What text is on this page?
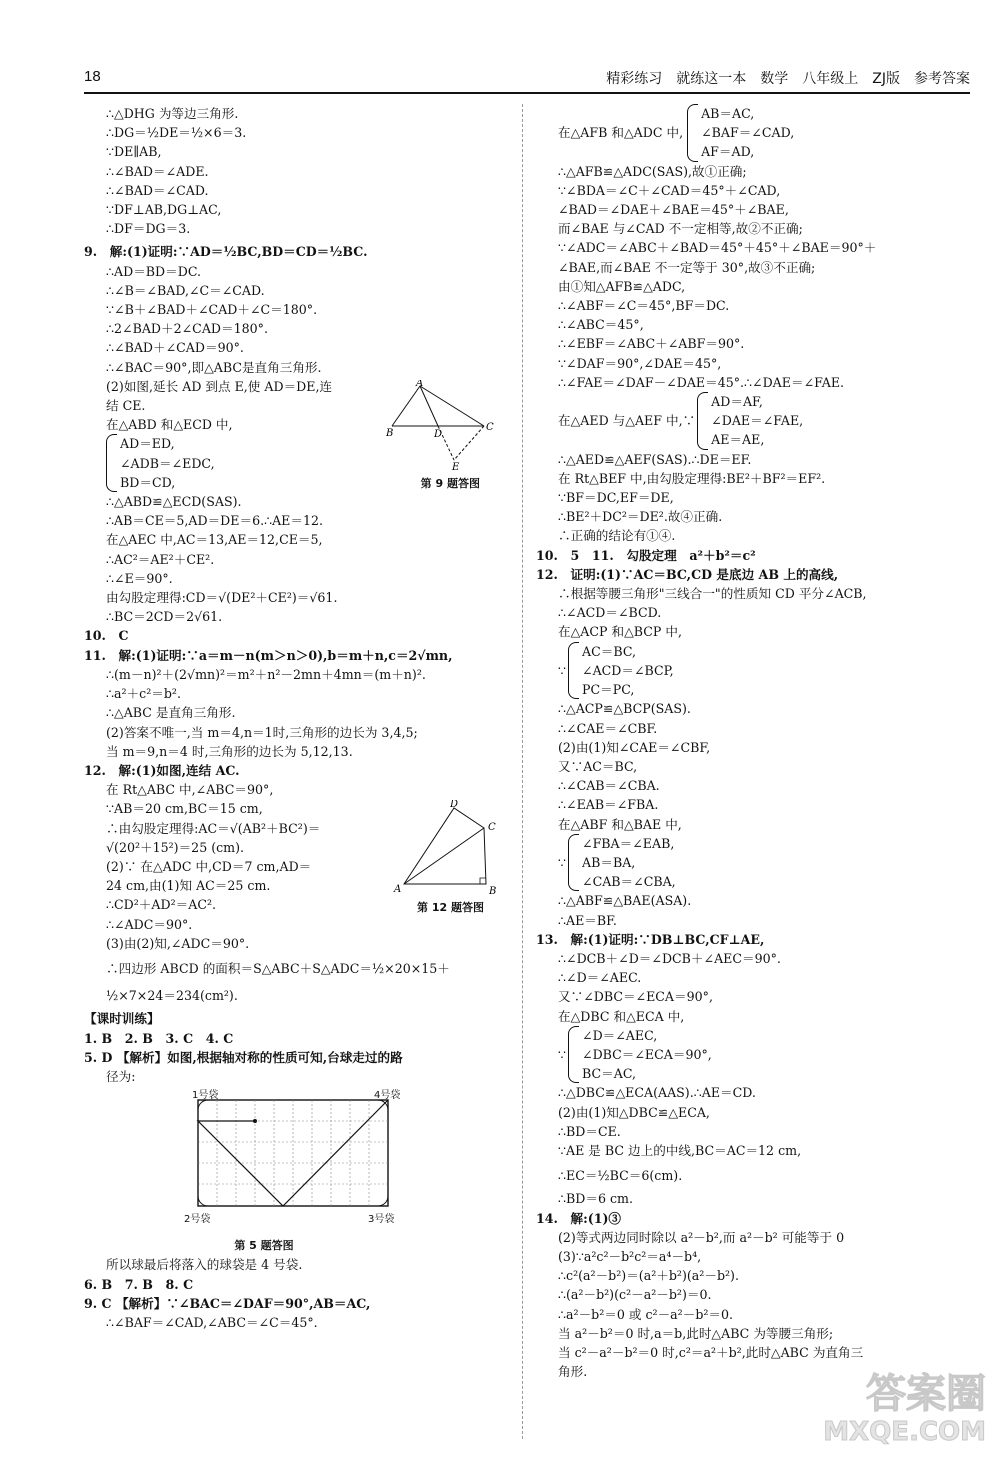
18	精彩练习　就练这一本　数学　八年级上　ZJ版　参考答案
∴△DHG 为等边三角形.
∴DG＝½DE＝½×6＝3.
∵DE∥AB,
∴∠BAD＝∠ADE.
∴∠BAD＝∠CAD.
∵DF⊥AB,DG⊥AC,
∴DF＝DG＝3.
9.　解:(1)证明:∵AD＝½BC,BD＝CD＝½BC.
A
B	D
C
E
第 9 题答图
∴AD＝BD＝DC.
∴∠B＝∠BAD,∠C＝∠CAD.
∵∠B＋∠BAD＋∠CAD＋∠C＝180°.
∴2∠BAD＋2∠CAD＝180°.
∴∠BAD＋∠CAD＝90°.
∴∠BAC＝90°,即△ABC是直角三角形.
(2)如图,延长 AD 到点 E,使 AD＝DE,连
结 CE.
在△ABD 和△ECD 中,
AD＝ED,
∠ADB＝∠EDC,
BD＝CD,
∴△ABD≌△ECD(SAS).
∴AB＝CE＝5,AD＝DE＝6.∴AE＝12.
在△AEC 中,AC＝13,AE＝12,CE＝5,
∴AC²＝AE²＋CE².
∴∠E＝90°.
由勾股定理得:CD＝√(DE²＋CE²)＝√61.
∴BC＝2CD＝2√61.
10.　C
11.　解:(1)证明:∵a＝m－n(m＞n＞0),b＝m＋n,c＝2√mn,
∴(m－n)²＋(2√mn)²＝m²＋n²－2mn＋4mn＝(m＋n)².
∴a²＋c²＝b².
∴△ABC 是直角三角形.
(2)答案不唯一,当 m＝4,n＝1时,三角形的边长为 3,4,5;
当 m＝9,n＝4 时,三角形的边长为 5,12,13.
12.　解:(1)如图,连结 AC.
D
C
A	B
第 12 题答图
在 Rt△ABC 中,∠ABC＝90°,
∵AB＝20 cm,BC＝15 cm,
∴由勾股定理得:AC＝√(AB²＋BC²)＝
√(20²＋15²)＝25 (cm).
(2)∵ 在△ADC 中,CD＝7 cm,AD＝
24 cm,由(1)知 AC＝25 cm.
∴CD²＋AD²＝AC².
∴∠ADC＝90°.
(3)由(2)知,∠ADC＝90°.
∴四边形 ABCD 的面积＝S△ABC＋S△ADC＝½×20×15＋
½×7×24＝234(cm²).
【课时训练】
1. B　2. B　3. C　4. C
5. D 【解析】如图,根据轴对称的性质可知,台球走过的路
径为:
1号袋	4号袋
2号袋	3号袋
第 5 题答图
所以球最后将落入的球袋是 4 号袋.
6. B　7. B　8. C
9. C 【解析】∵∠BAC＝∠DAF＝90°,AB＝AC,
∴∠BAF＝∠CAD,∠ABC＝∠C＝45°.
在△AFB 和△ADC 中,
AB＝AC,
∠BAF＝∠CAD,
AF＝AD,
∴△AFB≌△ADC(SAS),故①正确;
∵∠BDA＝∠C＋∠CAD＝45°＋∠CAD,
∠BAD＝∠DAE＋∠BAE＝45°＋∠BAE,
而∠BAE 与∠CAD 不一定相等,故②不正确;
∵∠ADC＝∠ABC＋∠BAD＝45°＋45°＋∠BAE＝90°＋
∠BAE,而∠BAE 不一定等于 30°,故③不正确;
由①知△AFB≌△ADC,
∴∠ABF＝∠C＝45°,BF＝DC.
∴∠ABC＝45°,
∴∠EBF＝∠ABC＋∠ABF＝90°.
∵∠DAF＝90°,∠DAE＝45°,
∴∠FAE＝∠DAF－∠DAE＝45°.∴∠DAE＝∠FAE.
在△AED 与△AEF 中,∵
AD＝AF,
∠DAE＝∠FAE,
AE＝AE,
∴△AED≌△AEF(SAS).∴DE＝EF.
在 Rt△BEF 中,由勾股定理得:BE²＋BF²＝EF².
∵BF＝DC,EF＝DE,
∴BE²＋DC²＝DE².故④正确.
∴正确的结论有①④.
10.　5　11.　勾股定理　a²＋b²＝c²
12.　证明:(1)∵AC＝BC,CD 是底边 AB 上的高线,
∴根据等腰三角形"三线合一"的性质知 CD 平分∠ACB,
∴∠ACD＝∠BCD.
在△ACP 和△BCP 中,
∵
AC＝BC,
∠ACD＝∠BCP,
PC＝PC,
∴△ACP≌△BCP(SAS).
∴∠CAE＝∠CBF.
(2)由(1)知∠CAE＝∠CBF,
又∵AC＝BC,
∴∠CAB＝∠CBA.
∴∠EAB＝∠FBA.
在△ABF 和△BAE 中,
∵
∠FBA＝∠EAB,
AB＝BA,
∠CAB＝∠CBA,
∴△ABF≌△BAE(ASA).
∴AE＝BF.
13.　解:(1)证明:∵DB⊥BC,CF⊥AE,
∴∠DCB＋∠D＝∠DCB＋∠AEC＝90°.
∴∠D＝∠AEC.
又∵∠DBC＝∠ECA＝90°,
在△DBC 和△ECA 中,
∵
∠D＝∠AEC,
∠DBC＝∠ECA＝90°,
BC＝AC,
∴△DBC≌△ECA(AAS).∴AE＝CD.
(2)由(1)知△DBC≌△ECA,
∴BD＝CE.
∵AE 是 BC 边上的中线,BC＝AC＝12 cm,
∴EC＝½BC＝6(cm).
∴BD＝6 cm.
14.　解:(1)③
(2)等式两边同时除以 a²－b²,而 a²－b² 可能等于 0
(3)∵a²c²－b²c²＝a⁴－b⁴,
∴c²(a²－b²)＝(a²＋b²)(a²－b²).
∴(a²－b²)(c²－a²－b²)＝0.
∴a²－b²＝0 或 c²－a²－b²＝0.
当 a²－b²＝0 时,a＝b,此时△ABC 为等腰三角形;
当 c²－a²－b²＝0 时,c²＝a²＋b²,此时△ABC 为直角三
角形.	答案圈
MXQE.COM
